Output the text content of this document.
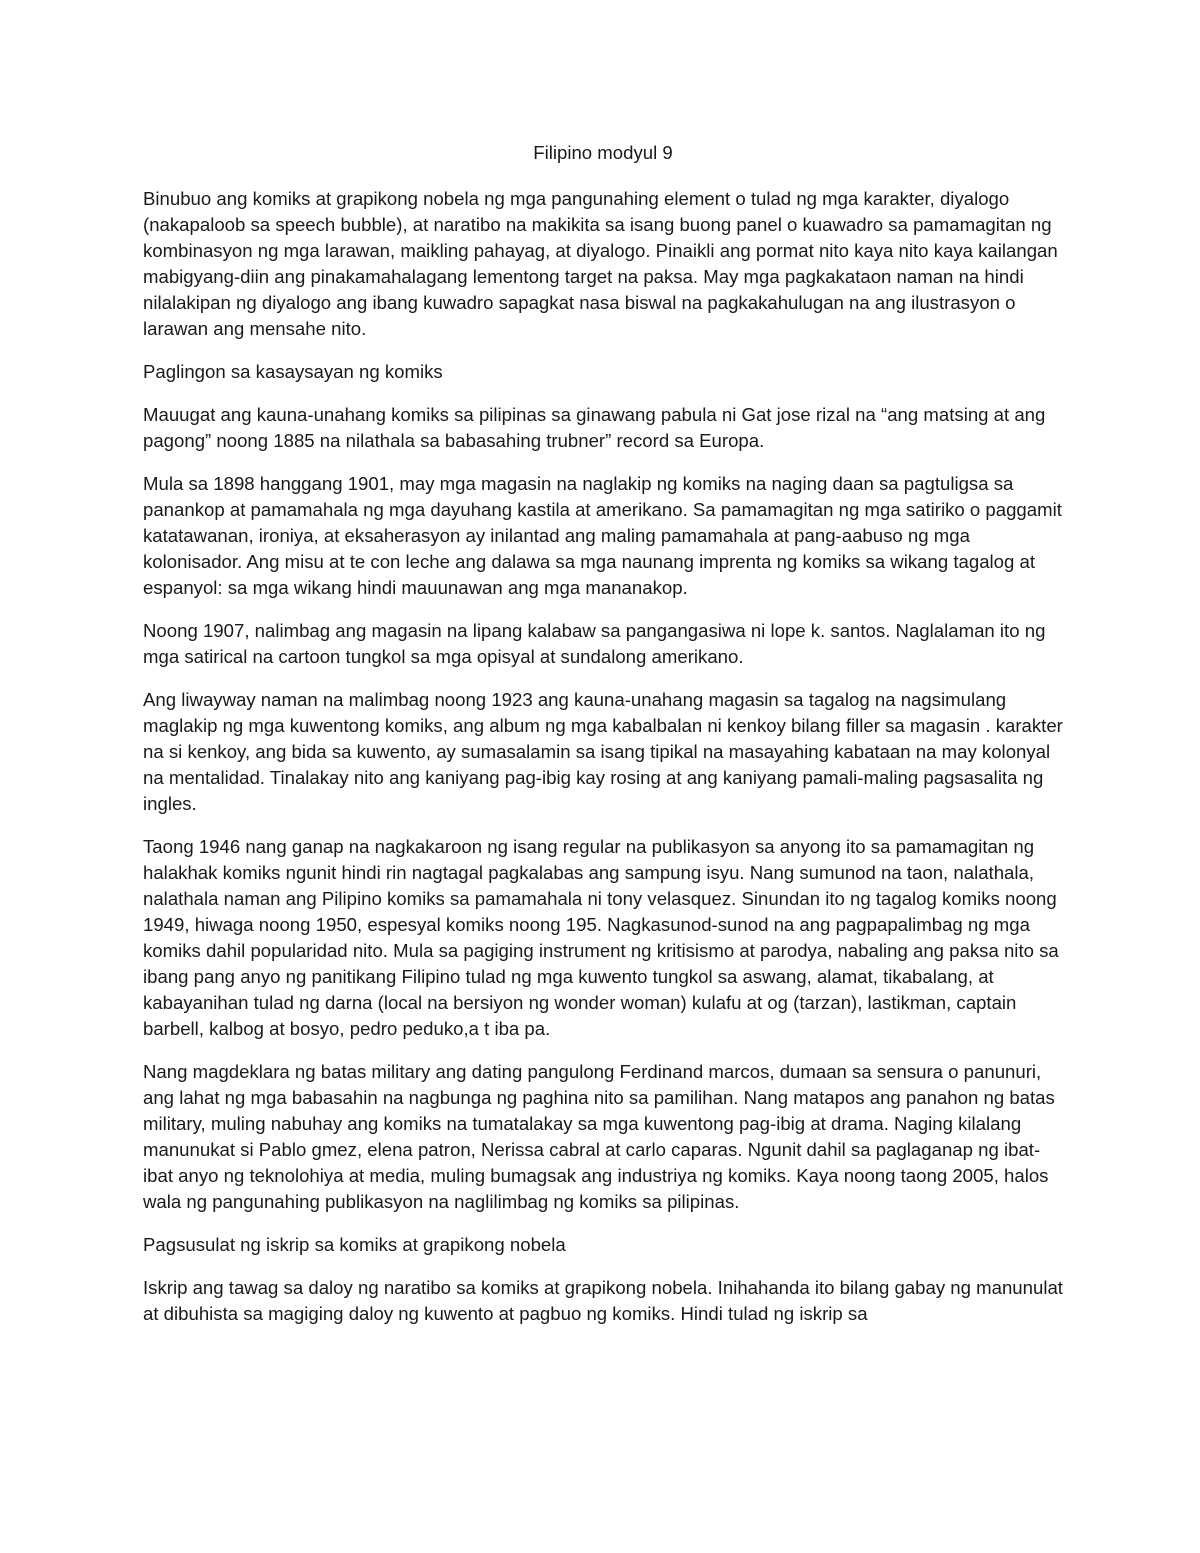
Filipino modyul 9
Binubuo ang komiks at grapikong nobela ng mga pangunahing element o tulad ng mga karakter, diyalogo (nakapaloob sa speech bubble), at naratibo na makikita sa isang buong panel o kuawadro sa pamamagitan ng kombinasyon ng mga larawan, maikling pahayag, at diyalogo. Pinaikli ang pormat nito kaya nito kaya kailangan mabigyang-diin ang pinakamahalagang lementong target na paksa. May mga pagkakataon naman na hindi nilalakipan ng diyalogo ang ibang kuwadro sapagkat nasa biswal na pagkakahulugan na ang ilustrasyon o larawan ang mensahe nito.
Paglingon sa kasaysayan ng komiks
Mauugat ang kauna-unahang komiks sa pilipinas sa ginawang pabula ni Gat jose rizal na “ang matsing at ang pagong” noong 1885 na nilathala sa babasahing trubner” record sa Europa.
Mula sa 1898 hanggang 1901, may mga magasin na naglakip ng komiks na naging daan sa pagtuligsa sa panankop at pamamahala ng mga dayuhang kastila at amerikano. Sa pamamagitan ng mga satiriko o paggamit katatawanan, ironiya, at eksaherasyon ay inilantad ang maling pamamahala at pang-aabuso ng mga kolonisador. Ang misu at te con leche ang dalawa sa mga naunang imprenta ng komiks sa wikang tagalog at espanyol: sa mga wikang hindi mauunawan ang mga mananakop.
Noong 1907, nalimbag ang magasin na lipang kalabaw sa pangangasiwa ni lope k. santos. Naglalaman ito ng mga satirical na cartoon tungkol sa mga opisyal at sundalong amerikano.
Ang liwayway naman na malimbag noong 1923 ang kauna-unahang magasin sa tagalog na nagsimulang maglakip ng mga kuwentong komiks, ang album ng mga kabalbalan ni kenkoy bilang filler sa magasin . karakter na si kenkoy, ang bida sa kuwento, ay sumasalamin sa isang tipikal na masayahing kabataan na may kolonyal na mentalidad. Tinalakay nito ang kaniyang pag-ibig kay rosing at ang kaniyang pamali-maling pagsasalita ng ingles.
Taong 1946 nang ganap na nagkakaroon ng isang regular na publikasyon sa anyong ito sa pamamagitan ng halakhak komiks ngunit hindi rin nagtagal pagkalabas ang sampung isyu. Nang sumunod na taon, nalathala, nalathala naman ang Pilipino komiks sa pamamahala ni tony velasquez. Sinundan ito ng tagalog komiks noong 1949, hiwaga noong 1950, espesyal komiks noong 195. Nagkasunod-sunod na ang pagpapalimbag ng mga komiks dahil popularidad nito. Mula sa pagiging instrument ng kritisismo at parodya, nabaling ang paksa nito sa ibang pang anyo ng panitikang Filipino tulad ng mga kuwento tungkol sa aswang, alamat, tikabalang, at kabayanihan tulad ng darna (local na bersiyon ng wonder woman) kulafu at og (tarzan), lastikman, captain barbell, kalbog at bosyo, pedro peduko,a t iba pa.
Nang magdeklara ng batas military ang dating pangulong Ferdinand marcos, dumaan sa sensura o panunuri, ang lahat ng mga babasahin na nagbunga ng paghina nito sa pamilihan. Nang matapos ang panahon ng batas military, muling nabuhay ang komiks na tumatalakay sa mga kuwentong pag-ibig at drama. Naging kilalang manunukat si Pablo gmez, elena patron, Nerissa cabral at carlo caparas. Ngunit dahil sa paglaganap ng ibat-ibat anyo ng teknolohiya at media, muling bumagsak ang industriya ng komiks. Kaya noong taong 2005, halos wala ng pangunahing publikasyon na naglilimbag ng komiks sa pilipinas.
Pagsusulat ng iskrip sa komiks at grapikong nobela
Iskrip ang tawag sa daloy ng naratibo sa komiks at grapikong nobela. Inihahanda ito bilang gabay ng manunulat at dibuhista sa magiging daloy ng kuwento at pagbuo ng komiks. Hindi tulad ng iskrip sa
